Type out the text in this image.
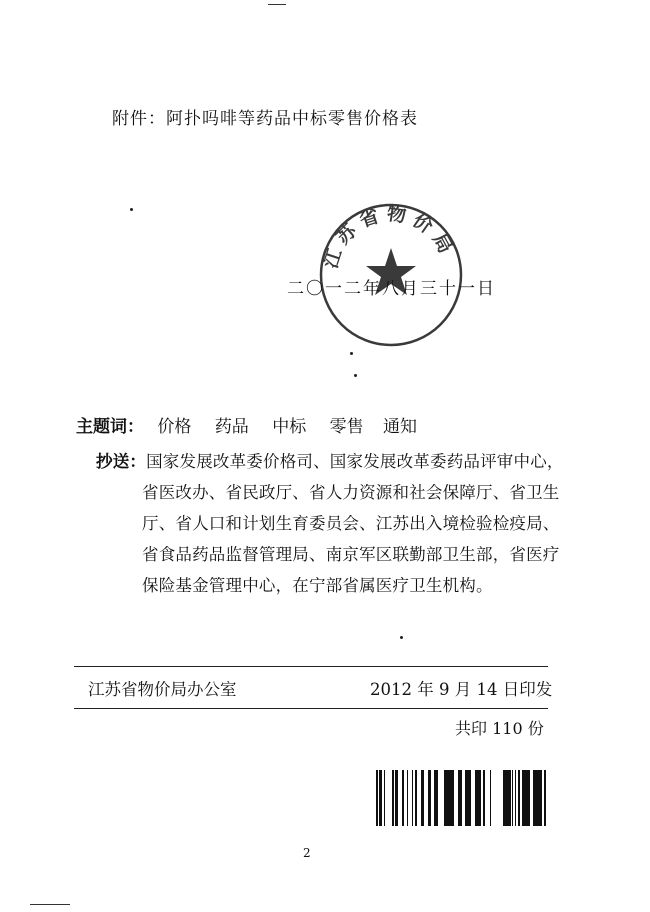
附件：阿扑吗啡等药品中标零售价格表
江苏省物价局
二〇一二年八月三十一日
主题词： 价格 药品 中标 零售 通知
抄送：国家发展改革委价格司、国家发展改革委药品评审中心，省医改办、省民政厅、省人力资源和社会保障厅、省卫生厅、省人口和计划生育委员会、江苏出入境检验检疫局、省食品药品监督管理局、南京军区联勤部卫生部，省医疗保险基金管理中心，在宁部省属医疗卫生机构。
江苏省物价局办公室	2012 年 9 月 14 日印发
共印 110 份
2
